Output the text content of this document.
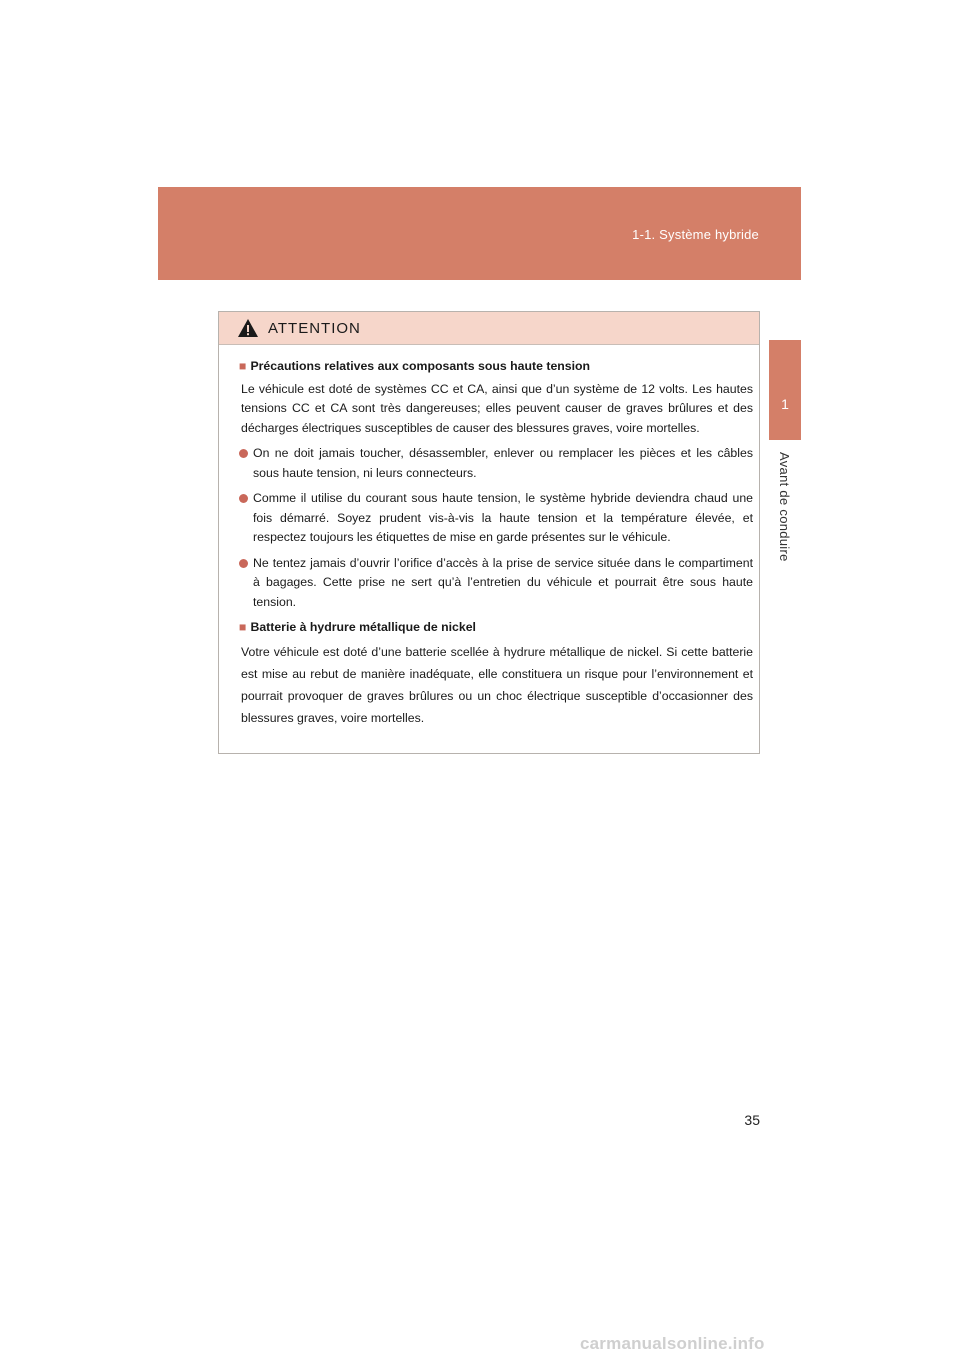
1-1. Système hybride
1
Avant de conduire
ATTENTION
■ Précautions relatives aux composants sous haute tension
Le véhicule est doté de systèmes CC et CA, ainsi que d’un système de 12 volts. Les hautes tensions CC et CA sont très dangereuses; elles peuvent causer de graves brûlures et des décharges électriques susceptibles de causer des blessures graves, voire mortelles.
On ne doit jamais toucher, désassembler, enlever ou remplacer les pièces et les câbles sous haute tension, ni leurs connecteurs.
Comme il utilise du courant sous haute tension, le système hybride deviendra chaud une fois démarré. Soyez prudent vis-à-vis la haute tension et la température élevée, et respectez toujours les étiquettes de mise en garde présentes sur le véhicule.
Ne tentez jamais d’ouvrir l’orifice d’accès à la prise de service située dans le compartiment à bagages. Cette prise ne sert qu’à l’entretien du véhicule et pourrait être sous haute tension.
■ Batterie à hydrure métallique de nickel
Votre véhicule est doté d’une batterie scellée à hydrure métallique de nickel. Si cette batterie est mise au rebut de manière inadéquate, elle constituera un risque pour l’environnement et pourrait provoquer de graves brûlures ou un choc électrique susceptible d’occasionner des blessures graves, voire mortelles.
35
carmanualsonline.info
